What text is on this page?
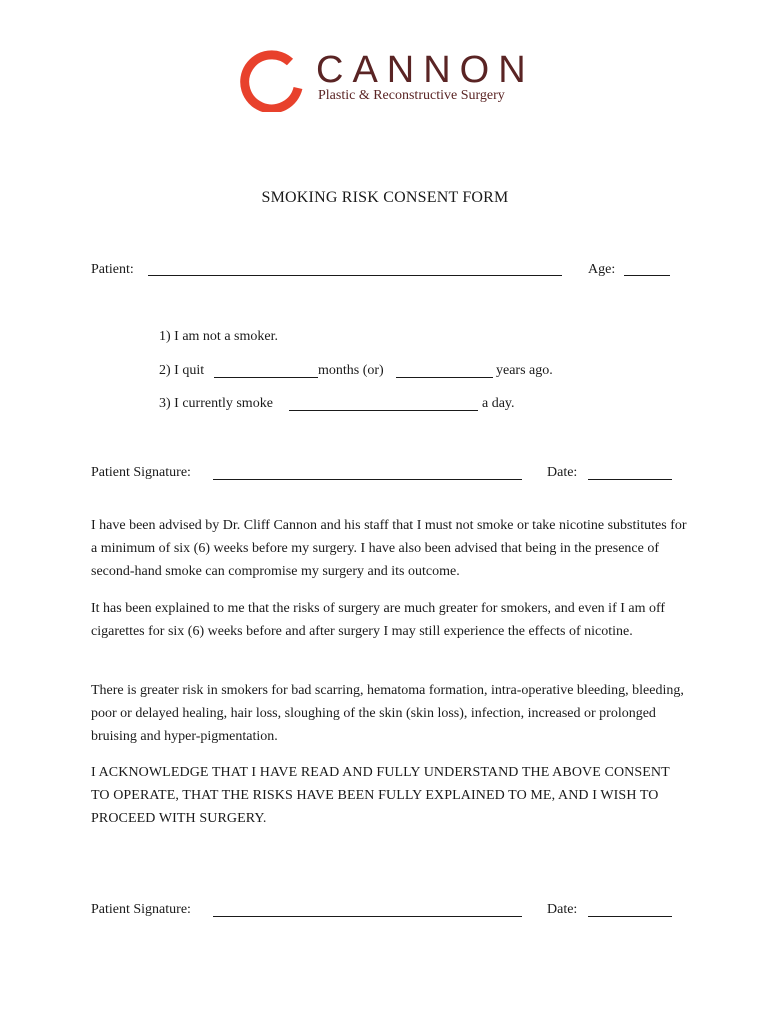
CANNON
Plastic & Reconstructive Surgery
SMOKING RISK CONSENT FORM
Patient:	Age:
1) I am not a smoker.
2) I quit	months (or)	years ago.
3) I currently smoke	a day.
Patient Signature:	Date:

I have been advised by Dr. Cliff Cannon and his staff that I must not smoke or take nicotine substitutes for a minimum of six (6) weeks before my surgery. I have also been advised that being in the presence of second-hand smoke can compromise my surgery and its outcome.

It has been explained to me that the risks of surgery are much greater for smokers, and even if I am off cigarettes for six (6) weeks before and after surgery I may still experience the effects of nicotine.

There is greater risk in smokers for bad scarring, hematoma formation, intra-operative bleeding, bleeding, poor or delayed healing, hair loss, sloughing of the skin (skin loss), infection, increased or prolonged bruising and hyper-pigmentation.

I ACKNOWLEDGE THAT I HAVE READ AND FULLY UNDERSTAND THE ABOVE CONSENT TO OPERATE, THAT THE RISKS HAVE BEEN FULLY EXPLAINED TO ME, AND I WISH TO PROCEED WITH SURGERY.

Patient Signature:	Date:
